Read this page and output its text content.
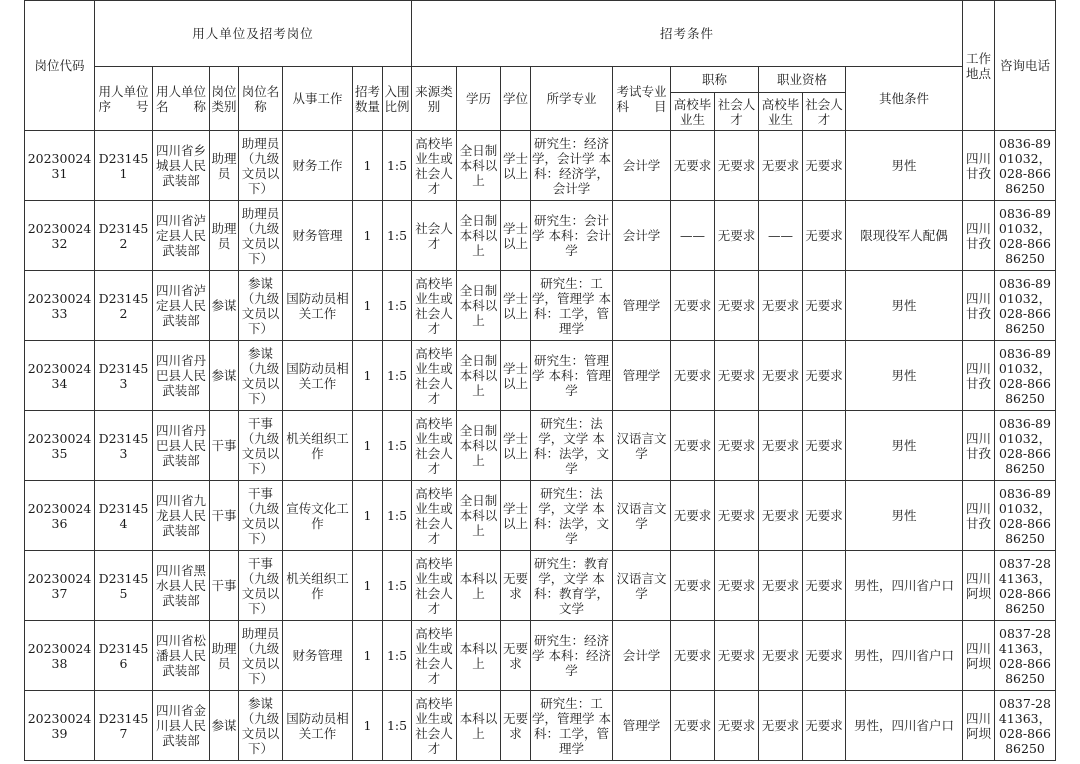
岗位代码	用人单位及招考岗位							招考条件										工作地点	咨询电话
	用人单位序　　号	用人单位名　　称	岗位类别	岗位名称	从事工作	招考数量	入围比例	来源类别	学历	学位	所学专业	考试专业科　　目	职称		职业资格		其他条件		
													高校毕业生	社会人才	高校毕业生	社会人才			
2023002431	D231451	四川省乡城县人民武装部	助理员	助理员（九级文员以下）	财务工作	1	1:5	高校毕业生或社会人才	全日制本科以上	学士以上	研究生：经济学，会计学 本科：经济学，会计学	会计学	无要求	无要求	无要求	无要求	男性	四川甘孜	0836-8901032，028-86686250
2023002432	D231452	四川省泸定县人民武装部	助理员	助理员（九级文员以下）	财务管理	1	1:5	社会人才	全日制本科以上	学士以上	研究生：会计学 本科：会计学	会计学	——	无要求	——	无要求	限现役军人配偶	四川甘孜	0836-8901032，028-86686250
2023002433	D231452	四川省泸定县人民武装部	参谋	参谋（九级文员以下）	国防动员相关工作	1	1:5	高校毕业生或社会人才	全日制本科以上	学士以上	研究生：工学，管理学 本科：工学，管理学	管理学	无要求	无要求	无要求	无要求	男性	四川甘孜	0836-8901032，028-86686250
2023002434	D231453	四川省丹巴县人民武装部	参谋	参谋（九级文员以下）	国防动员相关工作	1	1:5	高校毕业生或社会人才	全日制本科以上	学士以上	研究生：管理学 本科：管理学	管理学	无要求	无要求	无要求	无要求	男性	四川甘孜	0836-8901032，028-86686250
2023002435	D231453	四川省丹巴县人民武装部	干事	干事（九级文员以下）	机关组织工作	1	1:5	高校毕业生或社会人才	全日制本科以上	学士以上	研究生：法学，文学 本科：法学，文学	汉语言文学	无要求	无要求	无要求	无要求	男性	四川甘孜	0836-8901032，028-86686250
2023002436	D231454	四川省九龙县人民武装部	干事	干事（九级文员以下）	宣传文化工作	1	1:5	高校毕业生或社会人才	全日制本科以上	学士以上	研究生：法学，文学 本科：法学，文学	汉语言文学	无要求	无要求	无要求	无要求	男性	四川甘孜	0836-8901032，028-86686250
2023002437	D231455	四川省黑水县人民武装部	干事	干事（九级文员以下）	机关组织工作	1	1:5	高校毕业生或社会人才	本科以上	无要求	研究生：教育学，文学 本科：教育学，文学	汉语言文学	无要求	无要求	无要求	无要求	男性，四川省户口	四川阿坝	0837-2841363，028-86686250
2023002438	D231456	四川省松潘县人民武装部	助理员	助理员（九级文员以下）	财务管理	1	1:5	高校毕业生或社会人才	本科以上	无要求	研究生：经济学 本科：经济学	会计学	无要求	无要求	无要求	无要求	男性，四川省户口	四川阿坝	0837-2841363，028-86686250
2023002439	D231457	四川省金川县人民武装部	参谋	参谋（九级文员以下）	国防动员相关工作	1	1:5	高校毕业生或社会人才	本科以上	无要求	研究生：工学，管理学 本科：工学，管理学	管理学	无要求	无要求	无要求	无要求	男性，四川省户口	四川阿坝	0837-2841363，028-86686250
